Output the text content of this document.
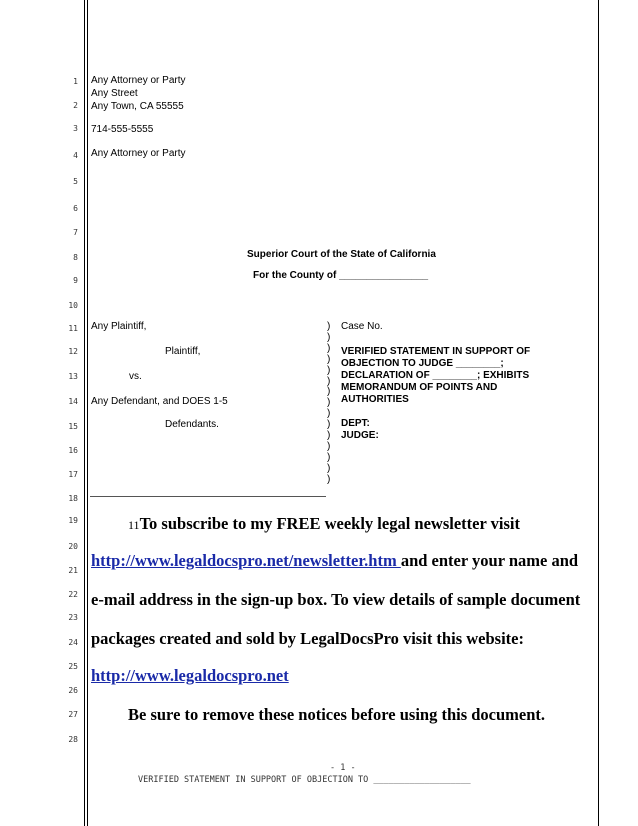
1
2
3
4
5
6
7
8
9
10
11
12
13
14
15
16
17
18
19
20
21
22
23
24
25
26
27
28
Any Attorney or Party
Any Street
Any Town, CA 55555
714-555-5555
Any Attorney or Party
Superior Court of the State of California
For the County of ________________
Any Plaintiff,
Plaintiff,
vs.
Any Defendant, and DOES 1-5
Defendants.
)
)
)
)
)
)
)
)
)
)
)
)
)
)
)
Case No.
VERIFIED STATEMENT IN SUPPORT OF
OBJECTION TO JUDGE ________;
DECLARATION OF ________; EXHIBITS
MEMORANDUM OF POINTS AND
AUTHORITIES
DEPT:
JUDGE:
11To subscribe to my FREE weekly legal newsletter visit
http://www.legaldocspro.net/newsletter.htm and enter your name and
e-mail address in the sign-up box. To view details of sample document
packages created and sold by LegalDocsPro visit this website:
http://www.legaldocspro.net
Be sure to remove these notices before using this document.
- 1 -
VERIFIED STATEMENT IN SUPPORT OF OBJECTION TO ___________________
